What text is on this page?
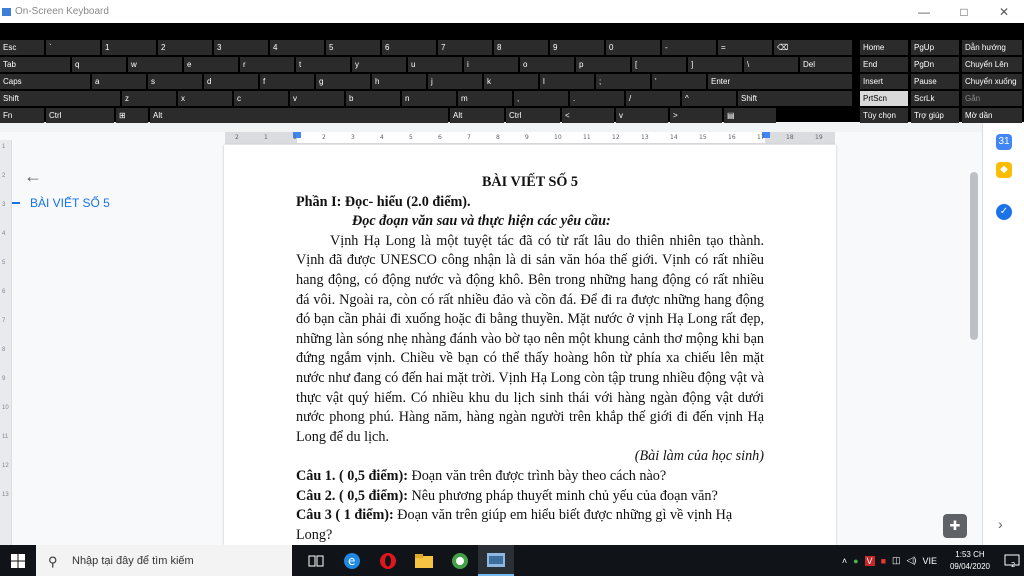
2	1	1	2	3	4	5	6	7	8	9	10	11	12	13	14	15	16	17	18	19
1
2
3
4
5
6
7
8
9
10
11
12
13
←
BÀI VIẾT SỐ 5
BÀI VIẾT SỐ 5
Phần I: Đọc- hiểu (2.0 điểm).
Đọc đoạn văn sau và thực hiện các yêu cầu:
Vịnh Hạ Long là một tuyệt tác đã có từ rất lâu do thiên nhiên tạo thành. Vịnh đã được UNESCO công nhận là di sản văn hóa thế giới. Vịnh có rất nhiều hang động, có động nước và động khô. Bên trong những hang động có rất nhiều đá vôi. Ngoài ra, còn có rất nhiều đảo và cồn đá. Để đi ra được những hang động đó bạn cần phải đi xuống hoặc đi bằng thuyền. Mặt nước ở vịnh Hạ Long rất đẹp, những làn sóng nhẹ nhàng đánh vào bờ tạo nên một khung cảnh thơ mộng khi bạn đứng ngắm vịnh. Chiều về bạn có thể thấy hoàng hôn từ phía xa chiếu lên mặt nước như đang có đến hai mặt trời. Vịnh Hạ Long còn tập trung nhiều động vật và thực vật quý hiếm. Có nhiều khu du lịch sinh thái với hàng ngàn động vật dưới nước phong phú. Hàng năm, hàng ngàn người trên khắp thế giới đi đến vịnh Hạ Long để du lịch.
(Bài làm của học sinh)
Câu 1. ( 0,5 điểm): Đoạn văn trên được trình bày theo cách nào?
Câu 2. ( 0,5 điểm): Nêu phương pháp thuyết minh chủ yếu của đoạn văn?
Câu 3 ( 1 điểm): Đoạn văn trên giúp em hiểu biết được những gì về vịnh Hạ Long?
31
◆
✓
✚	›
On-Screen Keyboard	—	□	✕
Esc	`	1	2	3	4	5	6	7	8	9	0	-	=	⌫
Tab	q	w	e	r	t	y	u	i	o	p	[	]	\	Del
Caps	a	s	d	f	g	h	j	k	l	;	'	Enter
Shift	z	x	c	v	b	n	m	,	.	/	^	Shift
Fn	Ctrl	⊞	Alt	Alt	Ctrl	<	v	>	▤
Home	PgUp	Dẫn hướng
End	PgDn	Chuyển Lên
Insert	Pause	Chuyển xuống
PrtScn	ScrLk	Gắn
Tùy chọn	Trợ giúp	Mờ dần
⚲	Nhập tại đây để tìm kiếm	e	˄ ● V ■ ◫ ◁) VIE
1:53 CH
09/04/2020	2
